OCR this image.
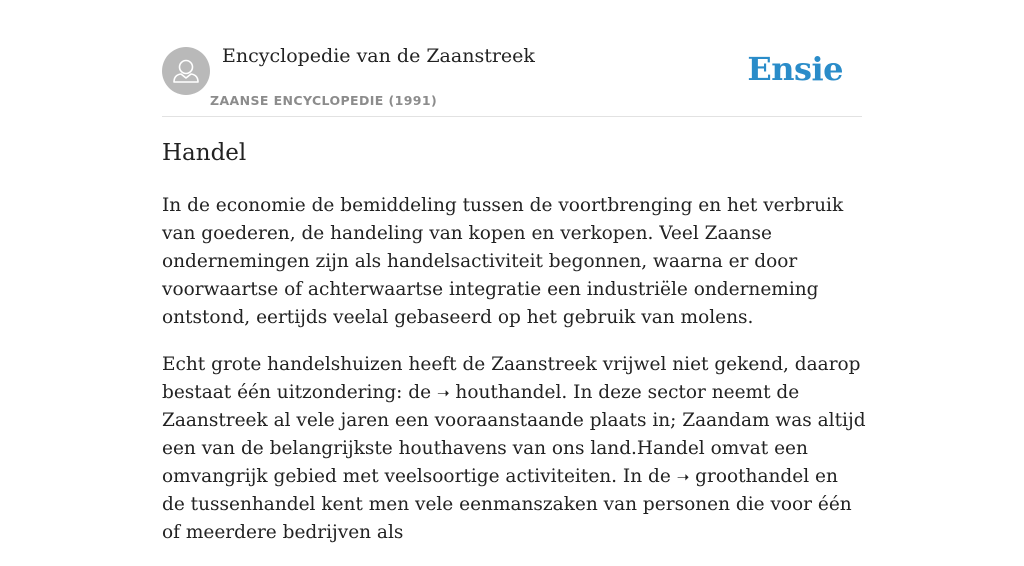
Encyclopedie van de Zaanstreek
ZAANSE ENCYCLOPEDIE (1991)
Ensie
Handel

In de economie de bemiddeling tussen de voortbrenging en het verbruik van goederen, de handeling van kopen en verkopen. Veel Zaanse ondernemingen zijn als handelsactiviteit begonnen, waarna er door voorwaartse of achterwaartse integratie een industriële onderneming ontstond, eertijds veelal gebaseerd op het gebruik van molens.

Echt grote handelshuizen heeft de Zaanstreek vrijwel niet gekend, daarop bestaat één uitzondering: de ➝ houthandel. In deze sector neemt de Zaanstreek al vele jaren een vooraanstaande plaats in; Zaandam was altijd een van de belangrijkste houthavens van ons land.Handel omvat een omvangrijk gebied met veelsoortige activiteiten. In de ➝ groothandel en de tussenhandel kent men vele eenmanszaken van personen die voor één of meerdere bedrijven als
